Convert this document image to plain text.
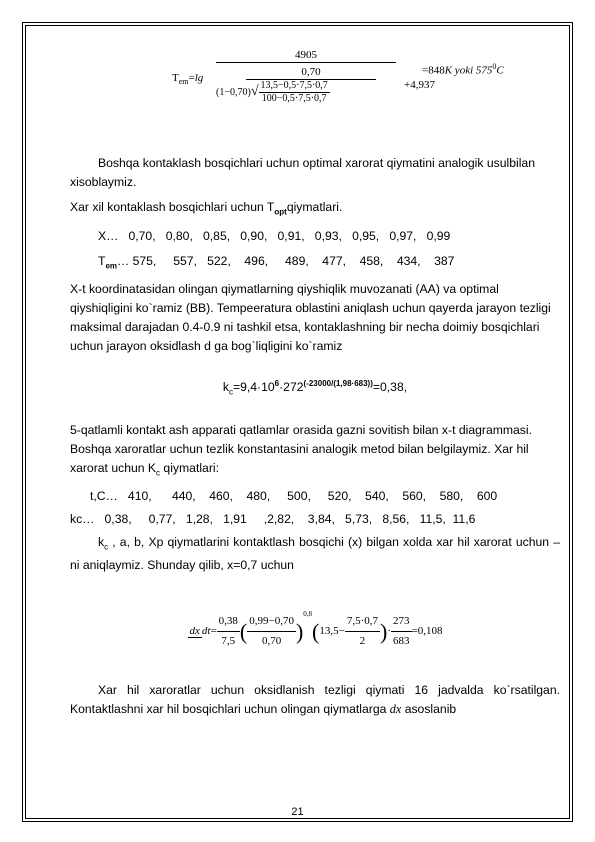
$T_{em}=\lg$
4905
0,70
+4,937
$(1-0,70)√ \frac{13,5-0,5\cdot 7,5\cdot 0,7}{100-0,5\cdot 7,5\cdot 0,7}$
=848K yoki $575^0C$

Boshqa kontaklash bosqichlari uchun optimal xarorat qiymatini analogik usulbilan xisoblaymiz.

Xar xil kontaklash bosqichlari uchun $T_{opt}qiymatlari$.

X…   0,70,   0,80,   0,85,   0,90,   0,91,   0,93,   0,95,   0,97,   0,99

$T_{em}\dots$ 575,     557,   522,    496,     489,    477,    458,    434,    387

X-t koordinatasidan olingan qiymatlarning qiyshiqlik muvozanati (AA) va optimal qiyshiqligini ko`ramiz (BB). Tempeeratura oblastini aniqlash uchun qayerda jarayon tezligi maksimal darajadan 0.4-0.9 ni tashkil etsa, kontaklashning bir necha doimiy bosqichlari uchun jarayon oksidlash d ga bog`liqligini ko`ramiz

$k_c=9,4\cdot 10^6\cdot 272^{(-23000/(1,98\cdot 683))}=0,38$,

5-qatlamli kontakt ash apparati qatlamlar orasida gazni sovitish bilan x-t diagrammasi. Boshqa xaroratlar uchun tezlik konstantasini analogik metod bilan belgilaymiz. Xar hil xarorat uchun $K_c$ qiymatlari:

t,C…   410,      440,    460,    480,     500,     520,    540,    560,    580,    600

kc…   0,38,     0,77,   1,28,   1,91     ,2,82,    3,84,   5,73,   8,56,   11,5,  11,6

$k_c$ , a, b, Xp qiymatlarini kontaktlash bosqichi (x) bilgan xolda xar hil xarorat uchun – ni aniqlaymiz. Shunday qilib, x=0,7 uchun

dx $dt= \frac{0,38}{7,5}$ ( $\frac{0,99-0,70}{0,70} )^{0,8}(13,5- \frac{7,5\cdot 0,7}{2}$ )· $\frac{273}{683} =0,108$

Xar hil xaroratlar uchun oksidlanish tezligi qiymati 16 jadvalda ko`rsatilgan. Kontaktlashni xar hil bosqichlari uchun olingan qiymatlarga dx asoslanib

21
